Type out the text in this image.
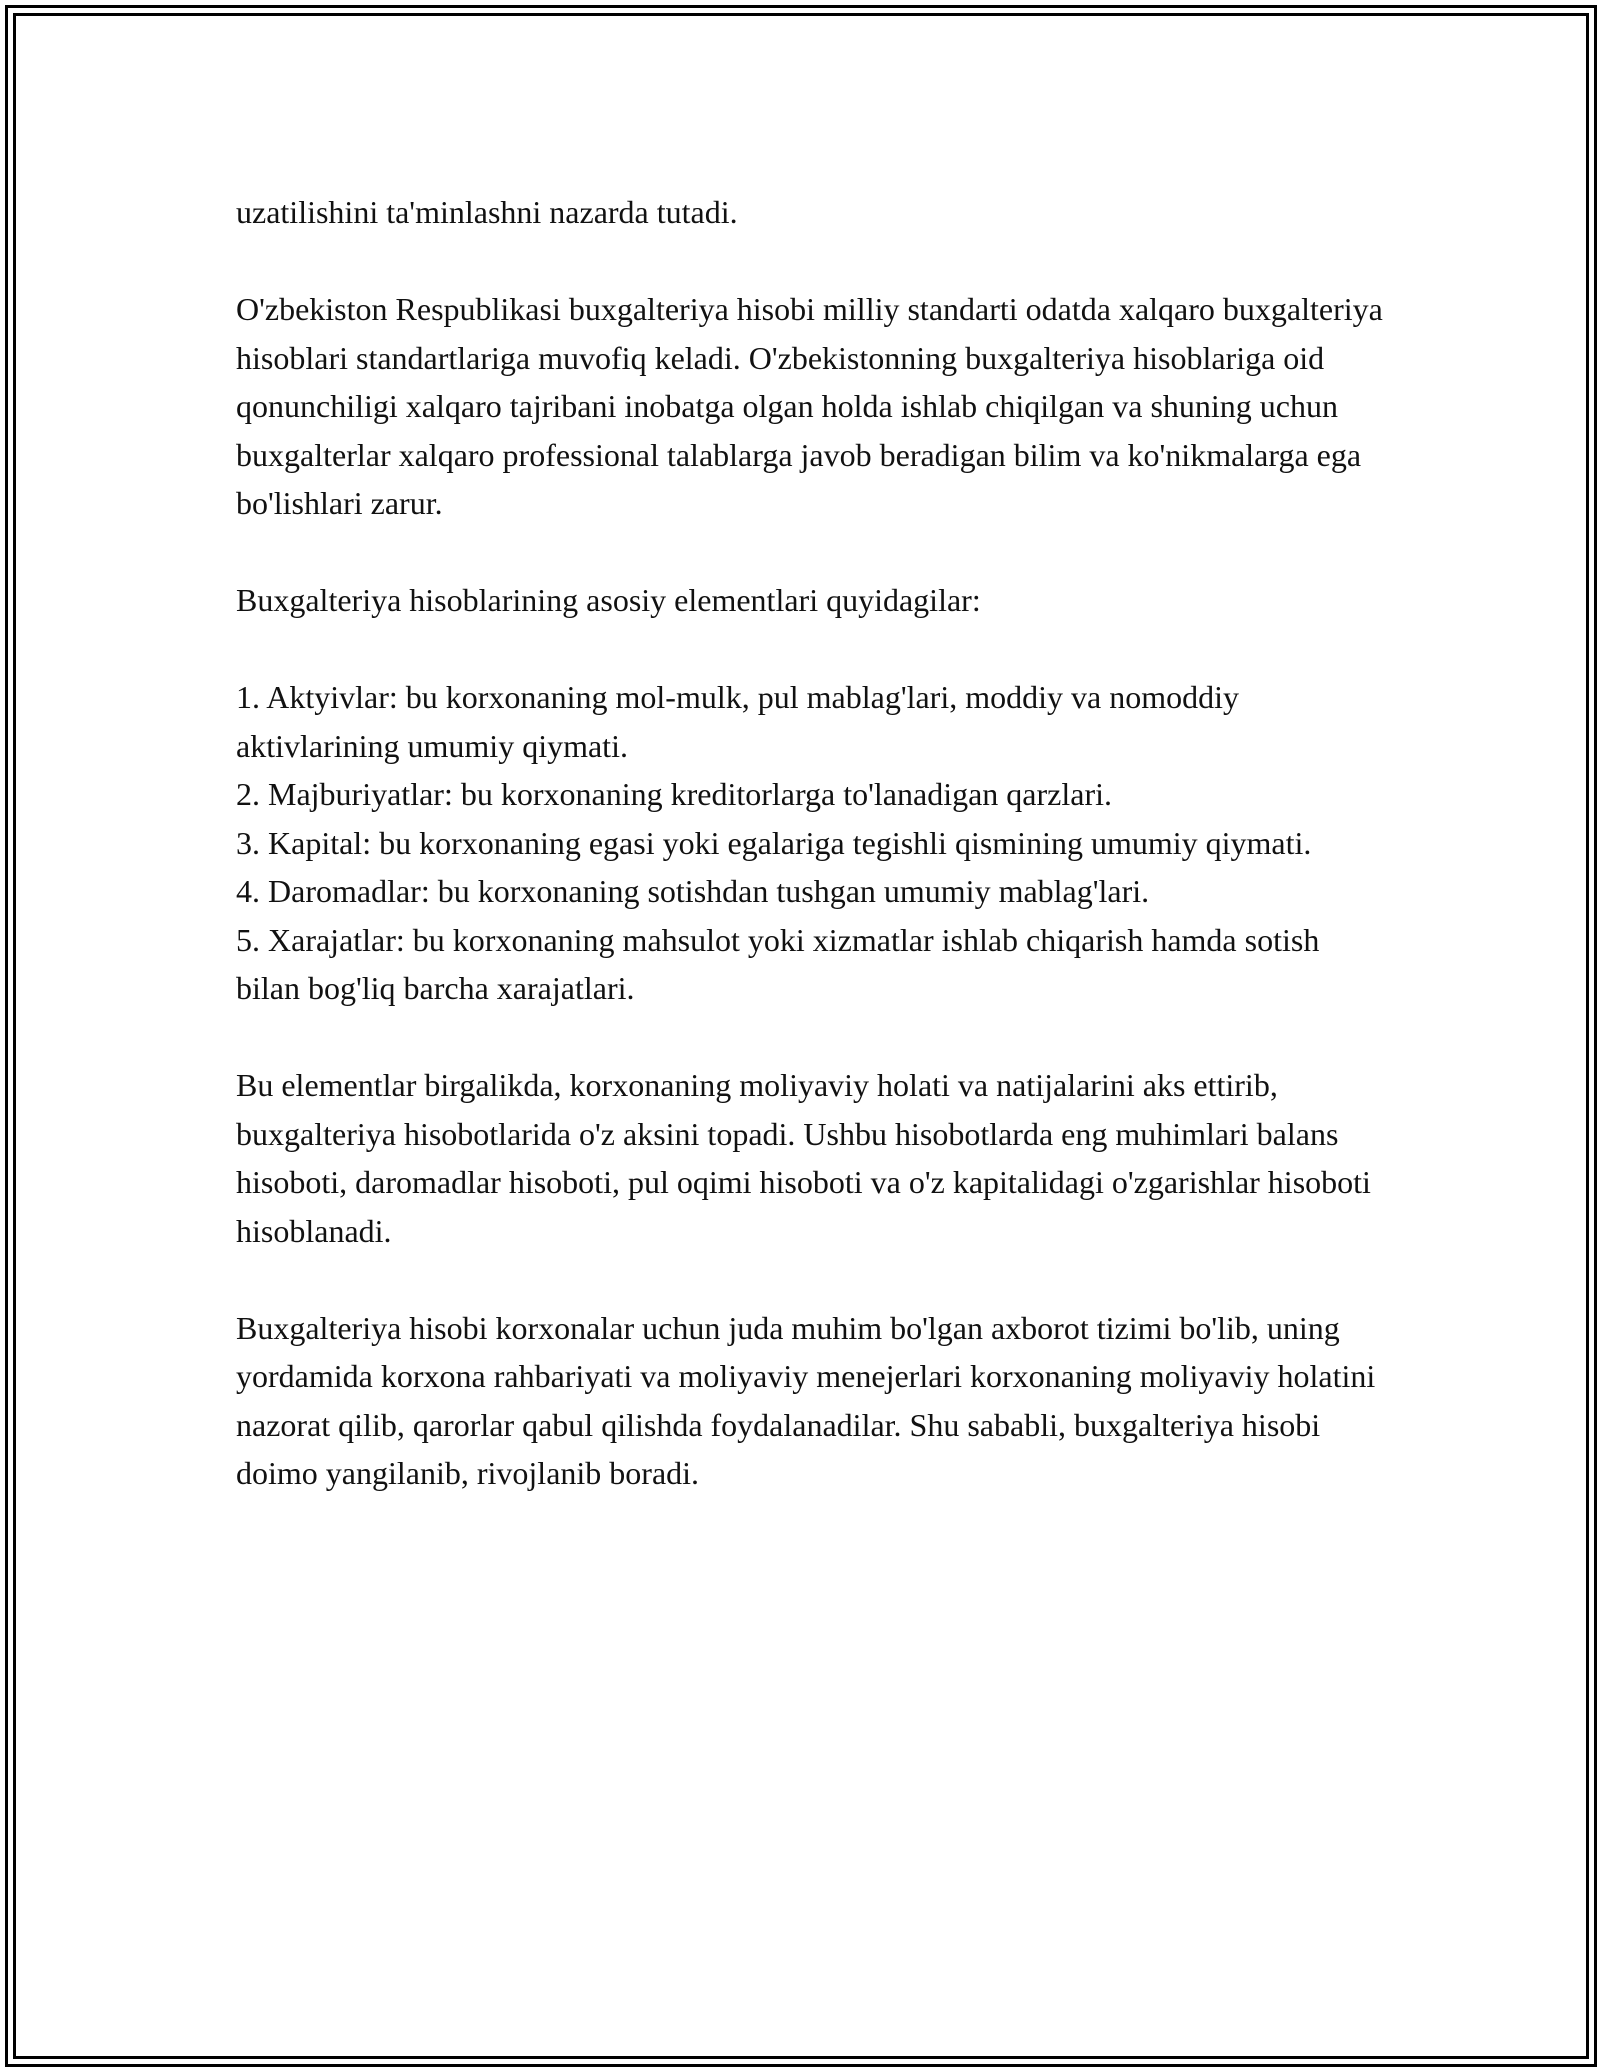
uzatilishini ta'minlashni nazarda tutadi.

O'zbekiston Respublikasi buxgalteriya hisobi milliy standarti odatda xalqaro buxgalteriya hisoblari standartlariga muvofiq keladi. O'zbekistonning buxgalteriya hisoblariga oid qonunchiligi xalqaro tajribani inobatga olgan holda ishlab chiqilgan va shuning uchun buxgalterlar xalqaro professional talablarga javob beradigan bilim va ko'nikmalarga ega bo'lishlari zarur.

Buxgalteriya hisoblarining asosiy elementlari quyidagilar:

1. Aktyivlar: bu korxonaning mol-mulk, pul mablag'lari, moddiy va nomoddiy aktivlarining umumiy qiymati.
2. Majburiyatlar: bu korxonaning kreditorlarga to'lanadigan qarzlari.
3. Kapital: bu korxonaning egasi yoki egalariga tegishli qismining umumiy qiymati.
4. Daromadlar: bu korxonaning sotishdan tushgan umumiy mablag'lari.
5. Xarajatlar: bu korxonaning mahsulot yoki xizmatlar ishlab chiqarish hamda sotish bilan bog'liq barcha xarajatlari.

Bu elementlar birgalikda, korxonaning moliyaviy holati va natijalarini aks ettirib, buxgalteriya hisobotlarida o'z aksini topadi. Ushbu hisobotlarda eng muhimlari balans hisoboti, daromadlar hisoboti, pul oqimi hisoboti va o'z kapitalidagi o'zgarishlar hisoboti hisoblanadi.

Buxgalteriya hisobi korxonalar uchun juda muhim bo'lgan axborot tizimi bo'lib, uning yordamida korxona rahbariyati va moliyaviy menejerlari korxonaning moliyaviy holatini nazorat qilib, qarorlar qabul qilishda foydalanadilar. Shu sababli, buxgalteriya hisobi doimo yangilanib, rivojlanib boradi.
